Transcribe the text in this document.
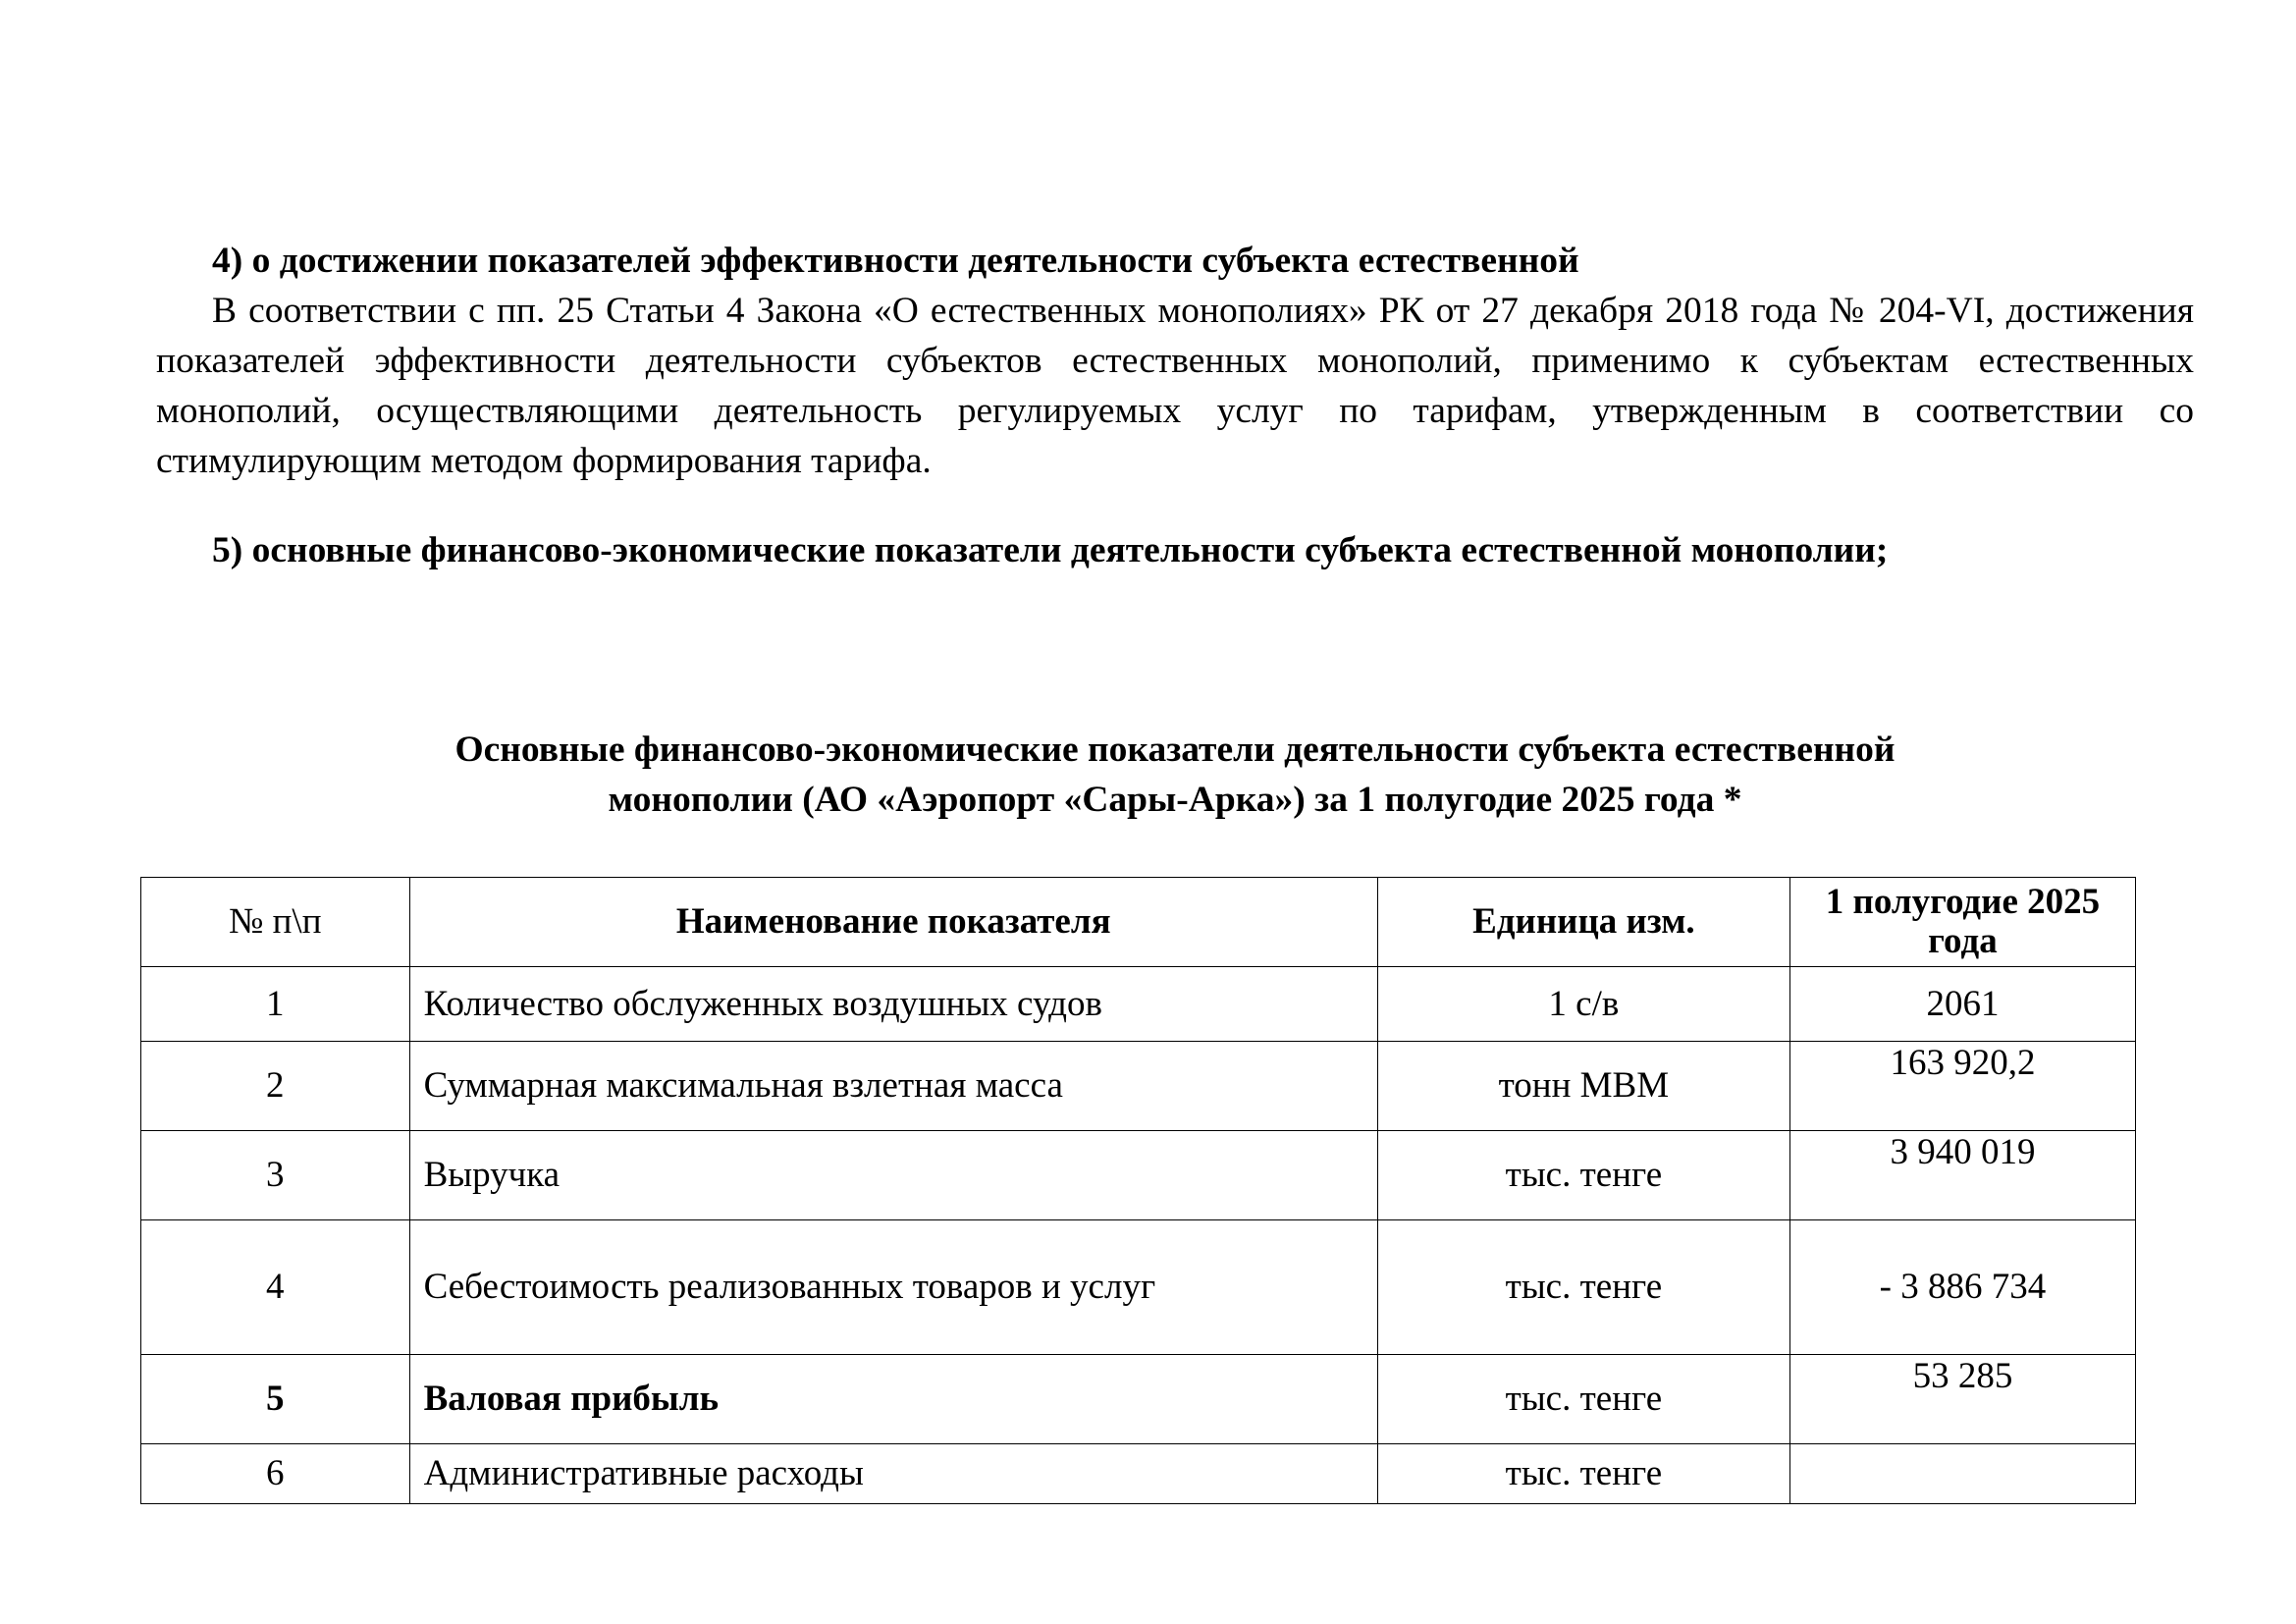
4) о достижении показателей эффективности деятельности субъекта естественной

В соответствии с пп. 25 Статьи 4 Закона «О естественных монополиях» РК от 27 декабря 2018 года № 204-VI, достижения показателей эффективности деятельности субъектов естественных монополий, применимо к субъектам естественных монополий, осуществляющими деятельность регулируемых услуг по тарифам, утвержденным в соответствии со стимулирующим методом формирования тарифа.

5) основные финансово-экономические показатели деятельности субъекта естественной монополии;

Основные финансово-экономические показатели деятельности субъекта естественной
монополии (АО «Аэропорт «Сары-Арка») за 1 полугодие 2025 года *
№ п\п	Наименование показателя	Единица изм.	1 полугодие 2025 года
1	Количество обслуженных воздушных судов	1 с/в	2061
2	Суммарная максимальная взлетная масса	тонн МВМ	163 920,2
3	Выручка	тыс. тенге	3 940 019
4	Себестоимость реализованных товаров и услуг	тыс. тенге	- 3 886 734
5	Валовая прибыль	тыс. тенге	53 285
6	Административные расходы	тыс. тенге	
